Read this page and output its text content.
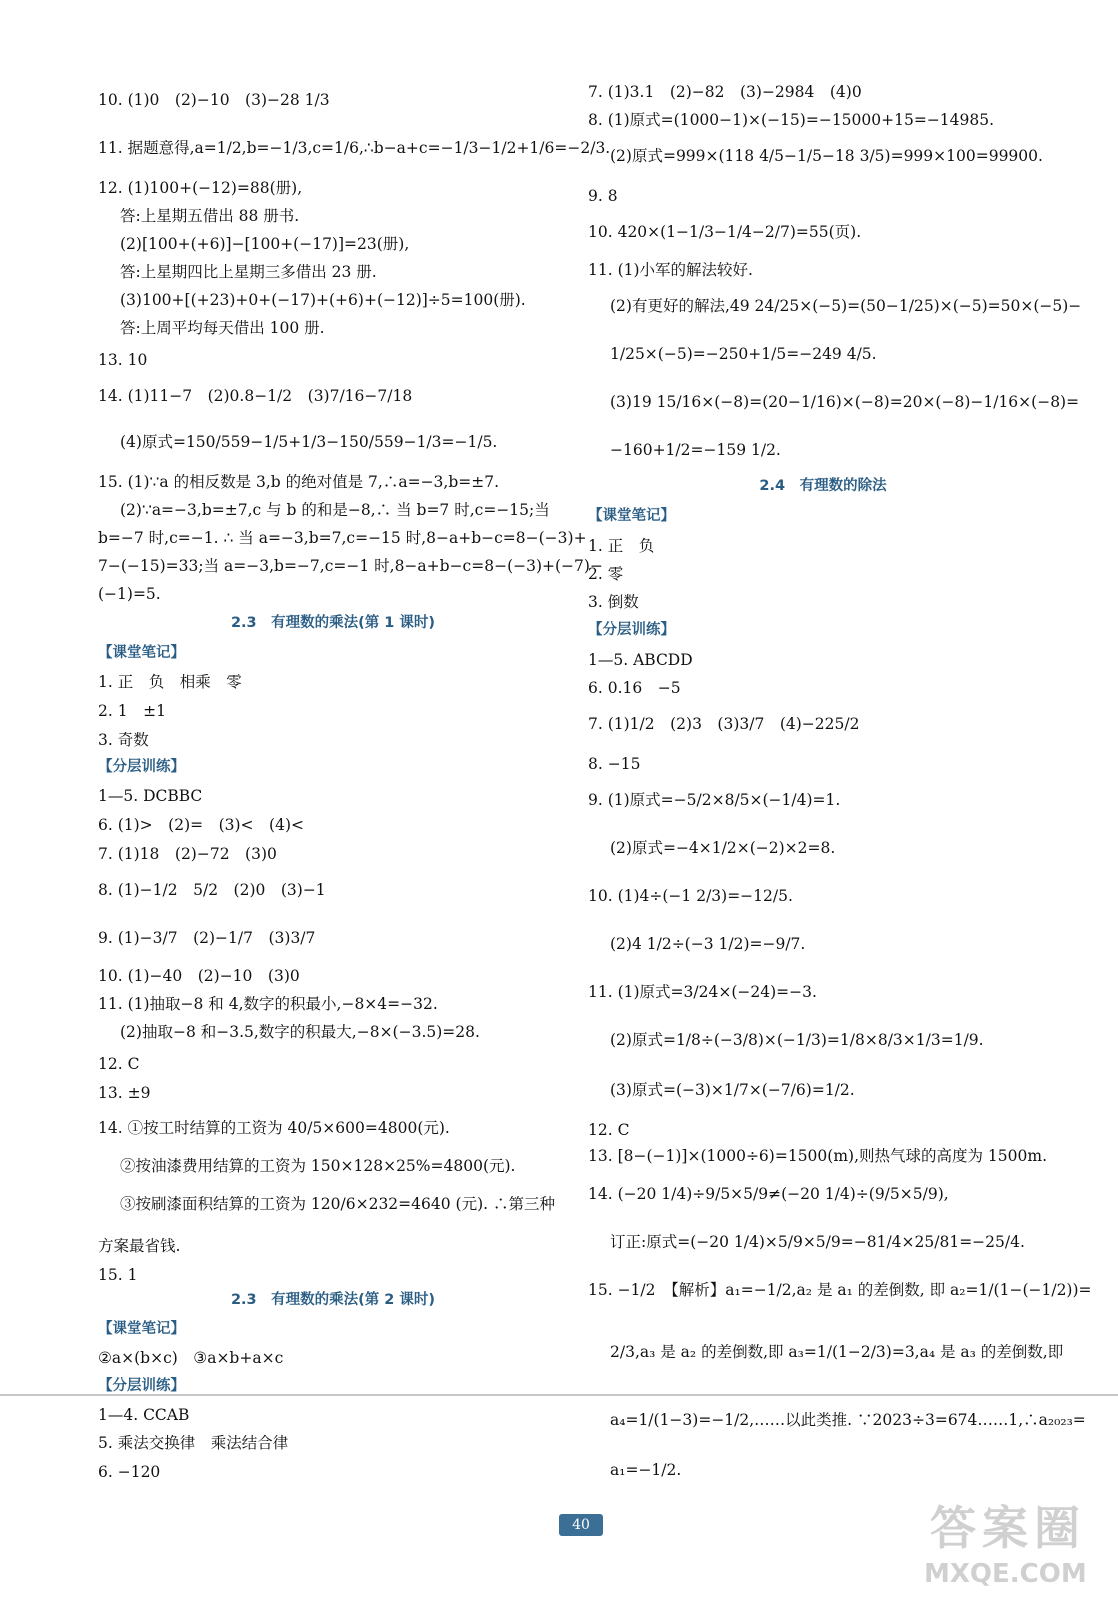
10. (1)0　(2)−10　(3)−28 1/3
11. 据题意得,a=1/2,b=−1/3,c=1/6,∴b−a+c=−1/3−1/2+1/6=−2/3.
12. (1)100+(−12)=88(册),
答:上星期五借出 88 册书.
(2)[100+(+6)]−[100+(−17)]=23(册),
答:上星期四比上星期三多借出 23 册.
(3)100+[(+23)+0+(−17)+(+6)+(−12)]÷5=100(册).
答:上周平均每天借出 100 册.
13. 10
14. (1)11−7　(2)0.8−1/2　(3)7/16−7/18
(4)原式=150/559−1/5+1/3−150/559−1/3=−1/5.
15. (1)∵a 的相反数是 3,b 的绝对值是 7,∴a=−3,b=±7.
(2)∵a=−3,b=±7,c 与 b 的和是−8,∴ 当 b=7 时,c=−15;当
b=−7 时,c=−1. ∴ 当 a=−3,b=7,c=−15 时,8−a+b−c=8−(−3)+
7−(−15)=33;当 a=−3,b=−7,c=−1 时,8−a+b−c=8−(−3)+(−7)−
(−1)=5.
2.3　有理数的乘法(第 1 课时)
【课堂笔记】
1. 正　负　相乘　零
2. 1　±1
3. 奇数
【分层训练】
1—5. DCBBC
6. (1)>　(2)=　(3)<　(4)<
7. (1)18　(2)−72　(3)0
8. (1)−1/2　5/2　(2)0　(3)−1
9. (1)−3/7　(2)−1/7　(3)3/7
10. (1)−40　(2)−10　(3)0
11. (1)抽取−8 和 4,数字的积最小,−8×4=−32.
(2)抽取−8 和−3.5,数字的积最大,−8×(−3.5)=28.
12. C
13. ±9
14. ①按工时结算的工资为 40/5×600=4800(元).
②按油漆费用结算的工资为 150×128×25%=4800(元).
③按刷漆面积结算的工资为 120/6×232=4640 (元). ∴第三种
方案最省钱.
15. 1
2.3　有理数的乘法(第 2 课时)
【课堂笔记】
②a×(b×c)　③a×b+a×c
【分层训练】
1—4. CCAB
5. 乘法交换律　乘法结合律
6. −120
7. (1)3.1　(2)−82　(3)−2984　(4)0
8. (1)原式=(1000−1)×(−15)=−15000+15=−14985.
(2)原式=999×(118 4/5−1/5−18 3/5)=999×100=99900.
9. 8
10. 420×(1−1/3−1/4−2/7)=55(页).
11. (1)小军的解法较好.
(2)有更好的解法,49 24/25×(−5)=(50−1/25)×(−5)=50×(−5)−
1/25×(−5)=−250+1/5=−249 4/5.
(3)19 15/16×(−8)=(20−1/16)×(−8)=20×(−8)−1/16×(−8)=
−160+1/2=−159 1/2.
2.4　有理数的除法
【课堂笔记】
1. 正　负
2. 零
3. 倒数
【分层训练】
1—5. ABCDD
6. 0.16　−5
7. (1)1/2　(2)3　(3)3/7　(4)−225/2
8. −15
9. (1)原式=−5/2×8/5×(−1/4)=1.
(2)原式=−4×1/2×(−2)×2=8.
10. (1)4÷(−1 2/3)=−12/5.
(2)4 1/2÷(−3 1/2)=−9/7.
11. (1)原式=3/24×(−24)=−3.
(2)原式=1/8÷(−3/8)×(−1/3)=1/8×8/3×1/3=1/9.
(3)原式=(−3)×1/7×(−7/6)=1/2.
12. C
13. [8−(−1)]×(1000÷6)=1500(m),则热气球的高度为 1500m.
14. (−20 1/4)÷9/5×5/9≠(−20 1/4)÷(9/5×5/9),
订正:原式=(−20 1/4)×5/9×5/9=−81/4×25/81=−25/4.
15. −1/2　【解析】a₁=−1/2,a₂ 是 a₁ 的差倒数, 即 a₂=1/(1−(−1/2))=
2/3,a₃ 是 a₂ 的差倒数,即 a₃=1/(1−2/3)=3,a₄ 是 a₃ 的差倒数,即
a₄=1/(1−3)=−1/2,……以此类推. ∵2023÷3=674……1,∴a₂₀₂₃=
a₁=−1/2.
40	答案圈
MXQE.COM
